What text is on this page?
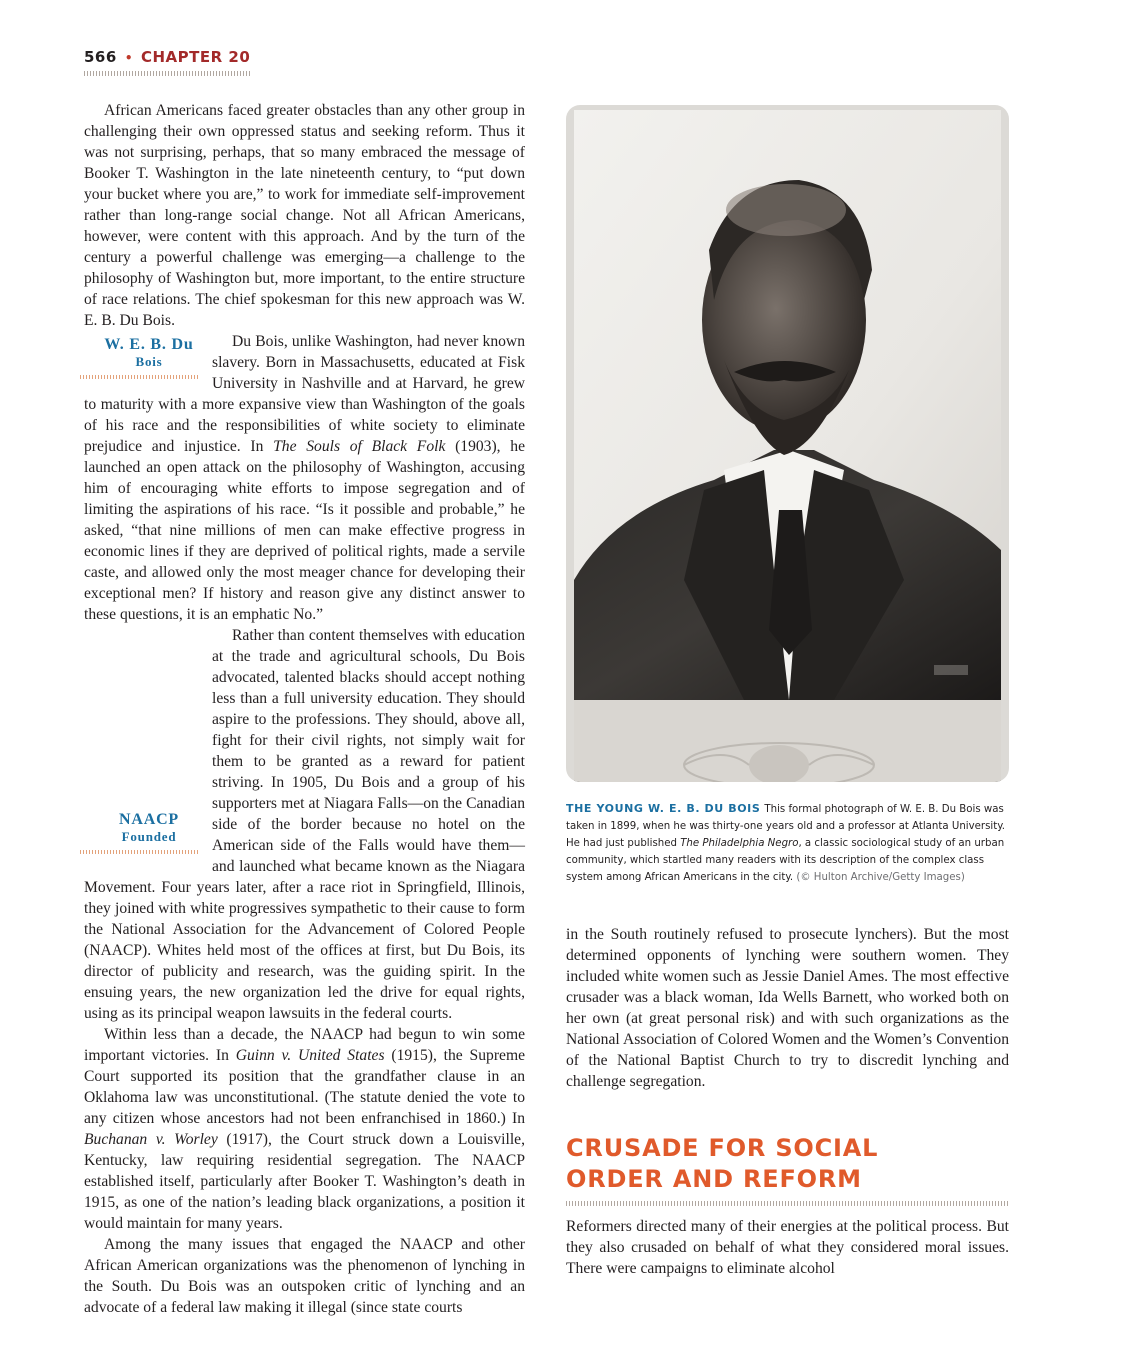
566 • CHAPTER 20

African Americans faced greater obstacles than any other group in challenging their own oppressed status and seeking reform. Thus it was not surprising, perhaps, that so many embraced the message of Booker T. Washington in the late nineteenth century, to “put down your bucket where you are,” to work for immediate self-improvement rather than long-range social change. Not all African Americans, however, were content with this approach. And by the turn of the century a powerful challenge was emerging—a challenge to the philosophy of Washington but, more important, to the entire structure of race relations. The chief spokesman for this new approach was W. E. B. Du Bois.

W. E. B. Du
Bois
Du Bois, unlike Washington, had never known slavery. Born in Massachusetts, educated at Fisk University in Nashville and at Harvard, he grew to maturity with a more expansive view than Washington of the goals of his race and the responsibilities of white society to eliminate prejudice and injustice. In The Souls of Black Folk (1903), he launched an open attack on the philosophy of Washington, accusing him of encouraging white efforts to impose segregation and of limiting the aspirations of his race. “Is it possible and probable,” he asked, “that nine millions of men can make effective progress in economic lines if they are deprived of political rights, made a servile caste, and allowed only the most meager chance for developing their exceptional men? If history and reason give any distinct answer to these questions, it is an emphatic No.”

NAACP
Founded
Rather than content themselves with education at the trade and agricultural schools, Du Bois advocated, talented blacks should accept nothing less than a full university education. They should aspire to the professions. They should, above all, fight for their civil rights, not simply wait for them to be granted as a reward for patient striving. In 1905, Du Bois and a group of his supporters met at Niagara Falls—on the Canadian side of the border because no hotel on the American side of the Falls would have them—and launched what became known as the Niagara Movement. Four years later, after a race riot in Springfield, Illinois, they joined with white progressives sympathetic to their cause to form the National Association for the Advancement of Colored People (NAACP). Whites held most of the offices at first, but Du Bois, its director of publicity and research, was the guiding spirit. In the ensuing years, the new organization led the drive for equal rights, using as its principal weapon lawsuits in the federal courts.

Within less than a decade, the NAACP had begun to win some important victories. In Guinn v. United States (1915), the Supreme Court supported its position that the grandfather clause in an Oklahoma law was unconstitutional. (The statute denied the vote to any citizen whose ancestors had not been enfranchised in 1860.) In Buchanan v. Worley (1917), the Court struck down a Louisville, Kentucky, law requiring residential segregation. The NAACP established itself, particularly after Booker T. Washington’s death in 1915, as one of the nation’s leading black organizations, a position it would maintain for many years.

Among the many issues that engaged the NAACP and other African American organizations was the phenomenon of lynching in the South. Du Bois was an outspoken critic of lynching and an advocate of a federal law making it illegal (since state courts

THE YOUNG W. E. B. DU BOIS This formal photograph of W. E. B. Du Bois was taken in 1899, when he was thirty-one years old and a professor at Atlanta University. He had just published The Philadelphia Negro, a classic sociological study of an urban community, which startled many readers with its description of the complex class system among African Americans in the city. (© Hulton Archive/Getty Images)

in the South routinely refused to prosecute lynchers). But the most determined opponents of lynching were southern women. They included white women such as Jessie Daniel Ames. The most effective crusader was a black woman, Ida Wells Barnett, who worked both on her own (at great personal risk) and with such organizations as the National Association of Colored Women and the Women’s Convention of the National Baptist Church to try to discredit lynching and challenge segregation.

CRUSADE FOR SOCIAL
ORDER AND REFORM

Reformers directed many of their energies at the political process. But they also crusaded on behalf of what they considered moral issues. There were campaigns to eliminate alcohol
